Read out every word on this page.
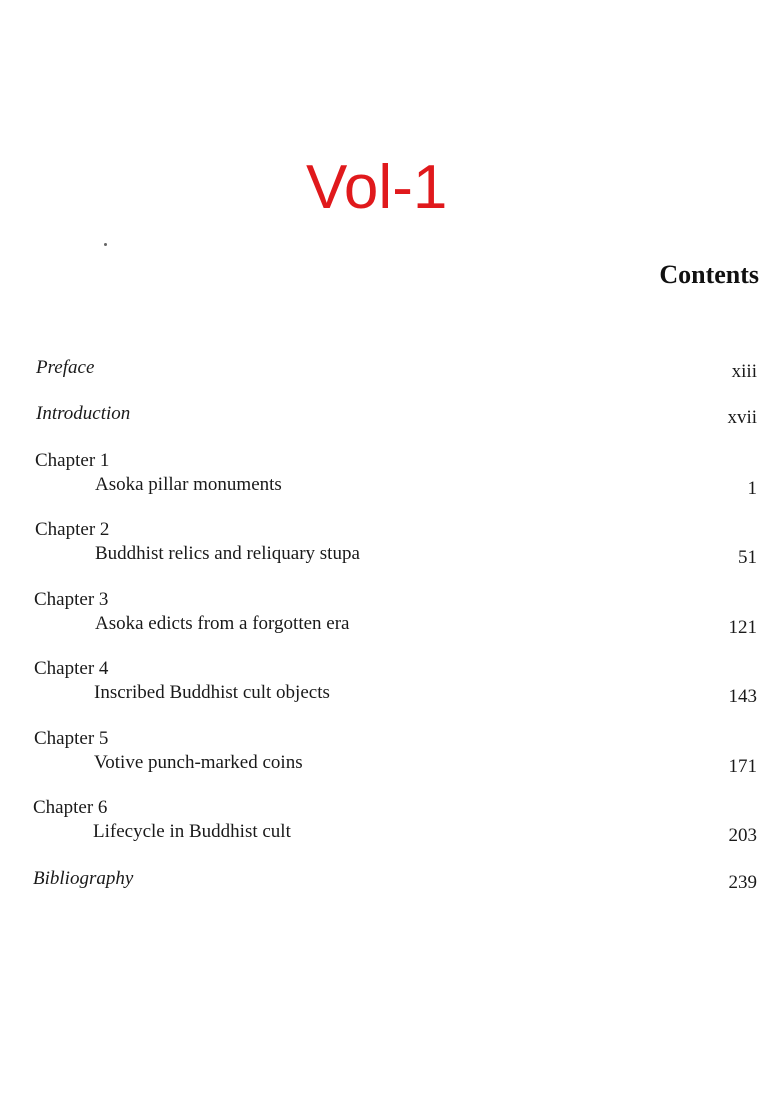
Vol-1
Contents
Preface	xiii
Introduction	xvii
Chapter 1
Asoka pillar monuments	1
Chapter 2
Buddhist relics and reliquary stupa	51
Chapter 3
Asoka edicts from a forgotten era	121
Chapter 4
Inscribed Buddhist cult objects	143
Chapter 5
Votive punch-marked coins	171
Chapter 6
Lifecycle in Buddhist cult	203
Bibliography	239
